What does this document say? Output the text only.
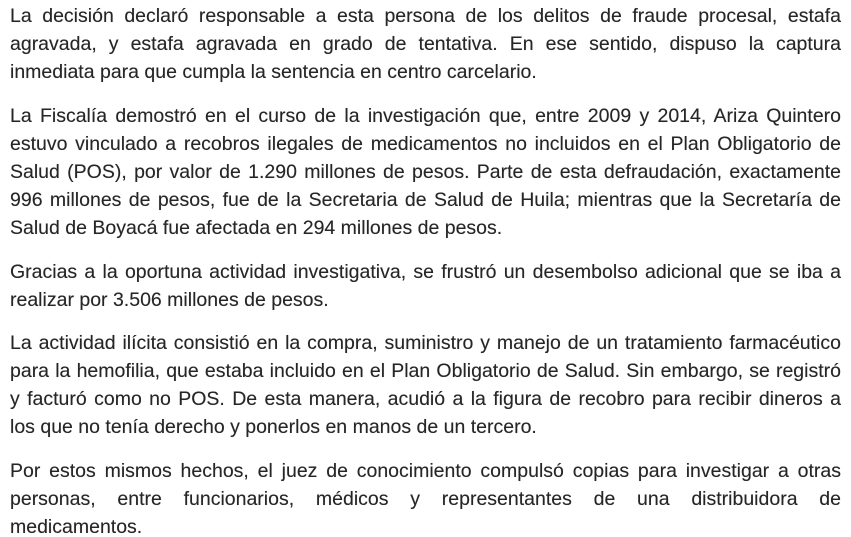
La decisión declaró responsable a esta persona de los delitos de fraude procesal, estafa
agravada, y estafa agravada en grado de tentativa. En ese sentido, dispuso la captura
inmediata para que cumpla la sentencia en centro carcelario.
La Fiscalía demostró en el curso de la investigación que, entre 2009 y 2014, Ariza Quintero
estuvo vinculado a recobros ilegales de medicamentos no incluidos en el Plan Obligatorio de
Salud (POS), por valor de 1.290 millones de pesos. Parte de esta defraudación, exactamente
996 millones de pesos, fue de la Secretaria de Salud de Huila; mientras que la Secretaría de
Salud de Boyacá fue afectada en 294 millones de pesos.
Gracias a la oportuna actividad investigativa, se frustró un desembolso adicional que se iba a
realizar por 3.506 millones de pesos.
La actividad ilícita consistió en la compra, suministro y manejo de un tratamiento farmacéutico
para la hemofilia, que estaba incluido en el Plan Obligatorio de Salud. Sin embargo, se registró
y facturó como no POS. De esta manera, acudió a la figura de recobro para recibir dineros a
los que no tenía derecho y ponerlos en manos de un tercero.
Por estos mismos hechos, el juez de conocimiento compulsó copias para investigar a otras
personas, entre funcionarios, médicos y representantes de una distribuidora de
medicamentos.
